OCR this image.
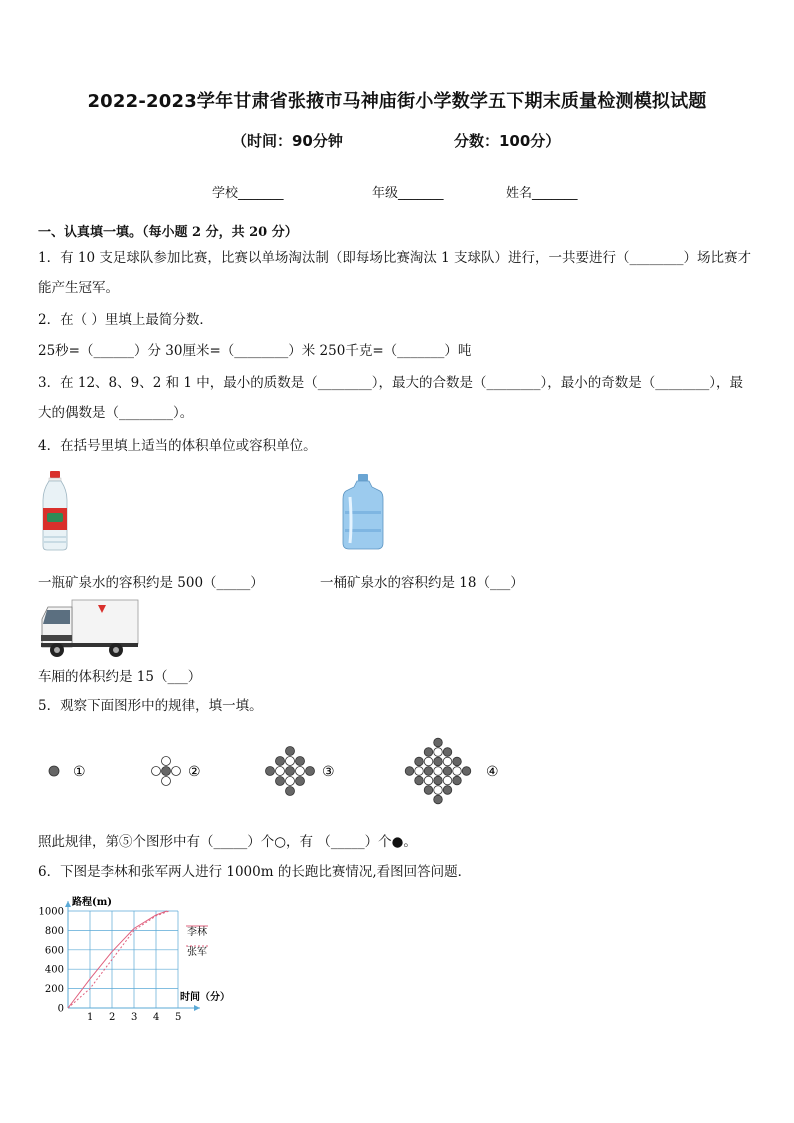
2022-2023学年甘肃省张掖市马神庙街小学数学五下期末质量检测模拟试题
（时间：90分钟	分数：100分）
学校_______	年级_______	姓名_______
一、认真填一填。（每小题 2 分，共 20 分）
1．有 10 支足球队参加比赛，比赛以单场淘汰制（即每场比赛淘汰 1 支球队）进行，一共要进行（________）场比赛才能产生冠军。
2．在（ ）里填上最简分数．
25秒=（______）分 30厘米=（________）米 250千克=（_______）吨
3．在 12、8、9、2 和 1 中，最小的质数是（________），最大的合数是（________），最小的奇数是（________），最大的偶数是（________）。
4．在括号里填上适当的体积单位或容积单位。
一瓶矿泉水的容积约是 500（_____）	一桶矿泉水的容积约是 18（___）
车厢的体积约是 15（___）
5．观察下面图形中的规律，填一填。
①	②	③	④
照此规律，第⑤个图形中有（_____）个○，有 （_____）个●。
6．下图是李林和张军两人进行 1000m 的长跑比赛情况,看图回答问题．
1 2 3 4 5
0
200
400
600
800
1000
路程(m)
时间（分）
李林
张军
